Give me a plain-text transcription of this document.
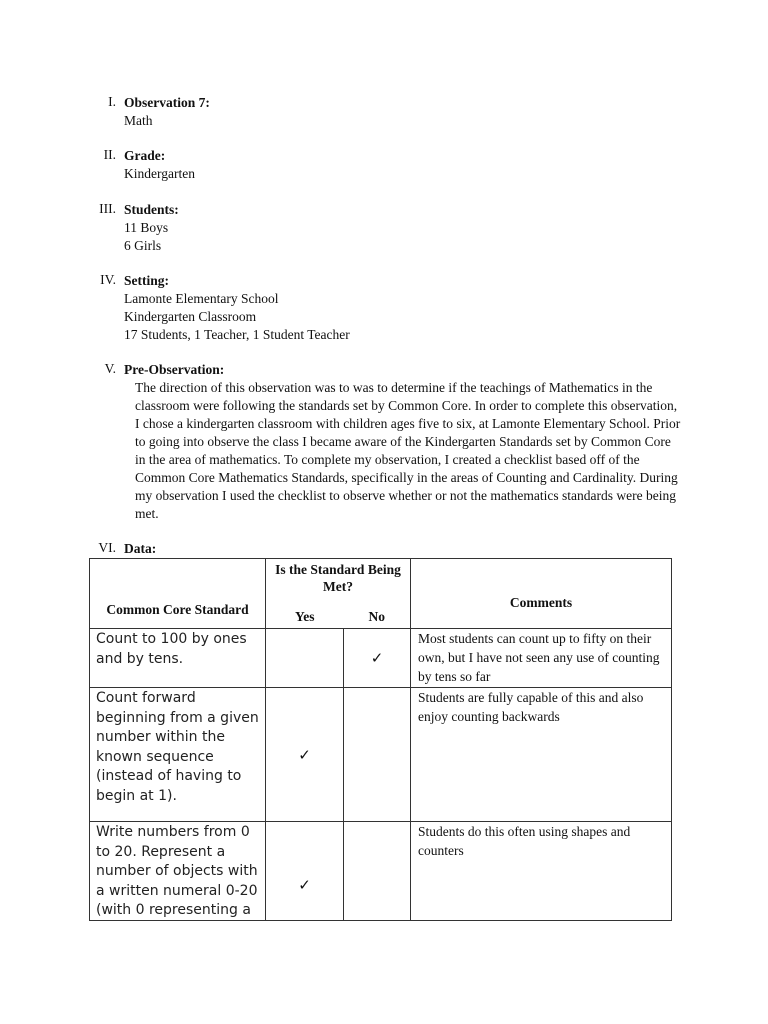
I. Observation 7:
Math
II. Grade:
Kindergarten
III. Students:
11 Boys
6 Girls
IV. Setting:
Lamonte Elementary School
Kindergarten Classroom
17 Students, 1 Teacher, 1 Student Teacher
V. Pre-Observation:
The direction of this observation was to was to determine if the teachings of Mathematics in the classroom were following the standards set by Common Core. In order to complete this observation, I chose a kindergarten classroom with children ages five to six, at Lamonte Elementary School. Prior to going into observe the class I became aware of the Kindergarten Standards set by Common Core in the area of mathematics. To complete my observation, I created a checklist based off of the Common Core Mathematics Standards, specifically in the areas of Counting and Cardinality. During my observation I used the checklist to observe whether or not the mathematics standards were being met.
VI. Data:
Common Core Standard	Is the Standard Being Met?		Comments
	Yes	No	
Count to 100 by ones and by tens.		✓	Most students can count up to fifty on their own, but I have not seen any use of counting by tens so far
Count forward beginning from a given number within the known sequence (instead of having to begin at 1).	✓		Students are fully capable of this and also enjoy counting backwards

Write numbers from 0 to 20. Represent a number of objects with a written numeral 0-20 (with 0 representing a	✓		Students do this often using shapes and counters
